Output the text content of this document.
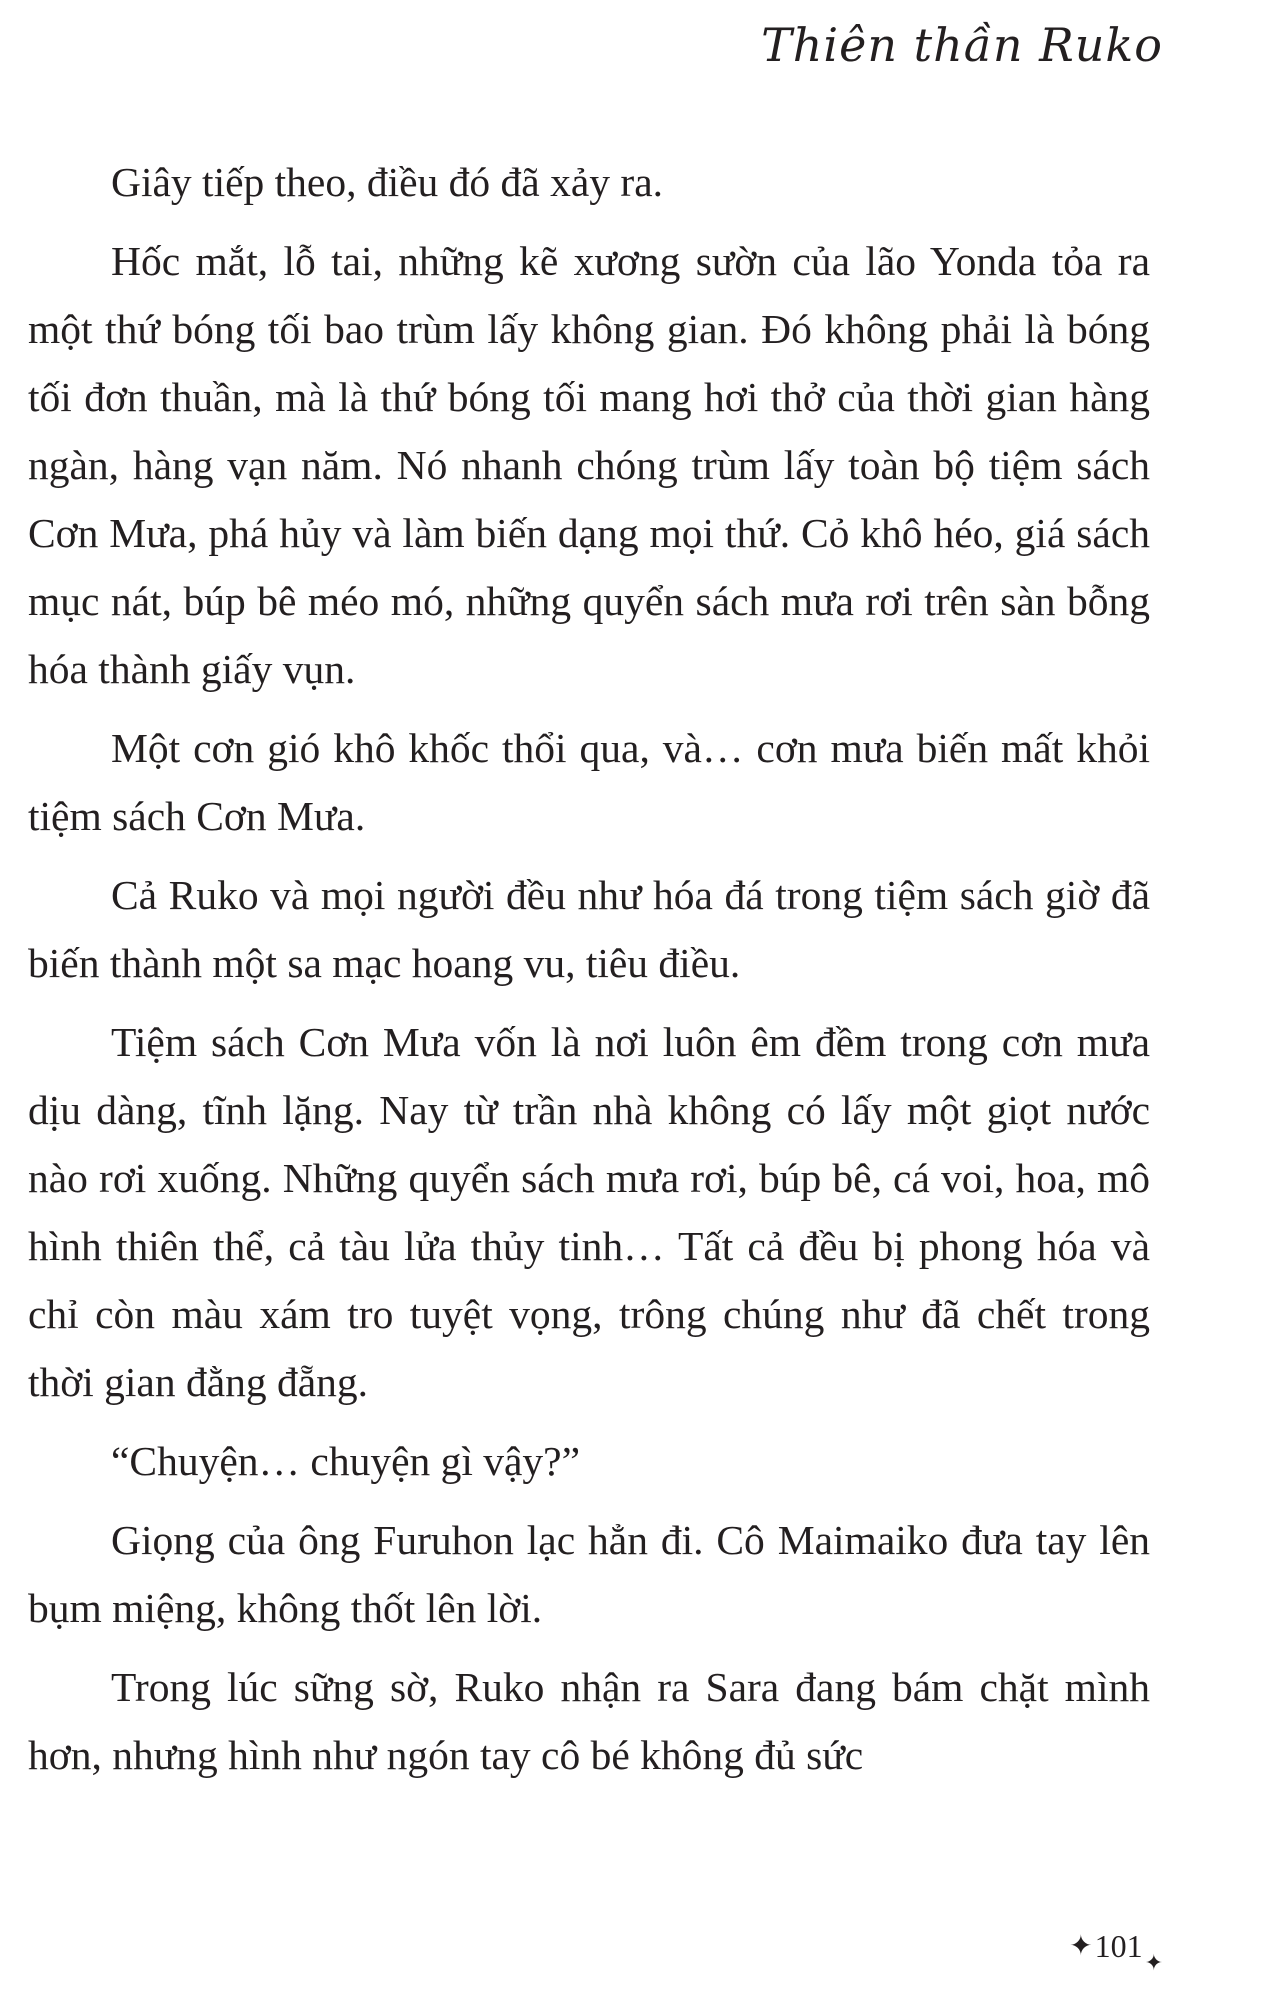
Thiên thần Ruko

Giây tiếp theo, điều đó đã xảy ra.

Hốc mắt, lỗ tai, những kẽ xương sườn của lão Yonda tỏa ra một thứ bóng tối bao trùm lấy không gian. Đó không phải là bóng tối đơn thuần, mà là thứ bóng tối mang hơi thở của thời gian hàng ngàn, hàng vạn năm. Nó nhanh chóng trùm lấy toàn bộ tiệm sách Cơn Mưa, phá hủy và làm biến dạng mọi thứ. Cỏ khô héo, giá sách mục nát, búp bê méo mó, những quyển sách mưa rơi trên sàn bỗng hóa thành giấy vụn.

Một cơn gió khô khốc thổi qua, và… cơn mưa biến mất khỏi tiệm sách Cơn Mưa.

Cả Ruko và mọi người đều như hóa đá trong tiệm sách giờ đã biến thành một sa mạc hoang vu, tiêu điều.

Tiệm sách Cơn Mưa vốn là nơi luôn êm đềm trong cơn mưa dịu dàng, tĩnh lặng. Nay từ trần nhà không có lấy một giọt nước nào rơi xuống. Những quyển sách mưa rơi, búp bê, cá voi, hoa, mô hình thiên thể, cả tàu lửa thủy tinh… Tất cả đều bị phong hóa và chỉ còn màu xám tro tuyệt vọng, trông chúng như đã chết trong thời gian đằng đẵng.

“Chuyện… chuyện gì vậy?”

Giọng của ông Furuhon lạc hẳn đi. Cô Maimaiko đưa tay lên bụm miệng, không thốt lên lời.

Trong lúc sững sờ, Ruko nhận ra Sara đang bám chặt mình hơn, nhưng hình như ngón tay cô bé không đủ sức

✦ 101 ✦
